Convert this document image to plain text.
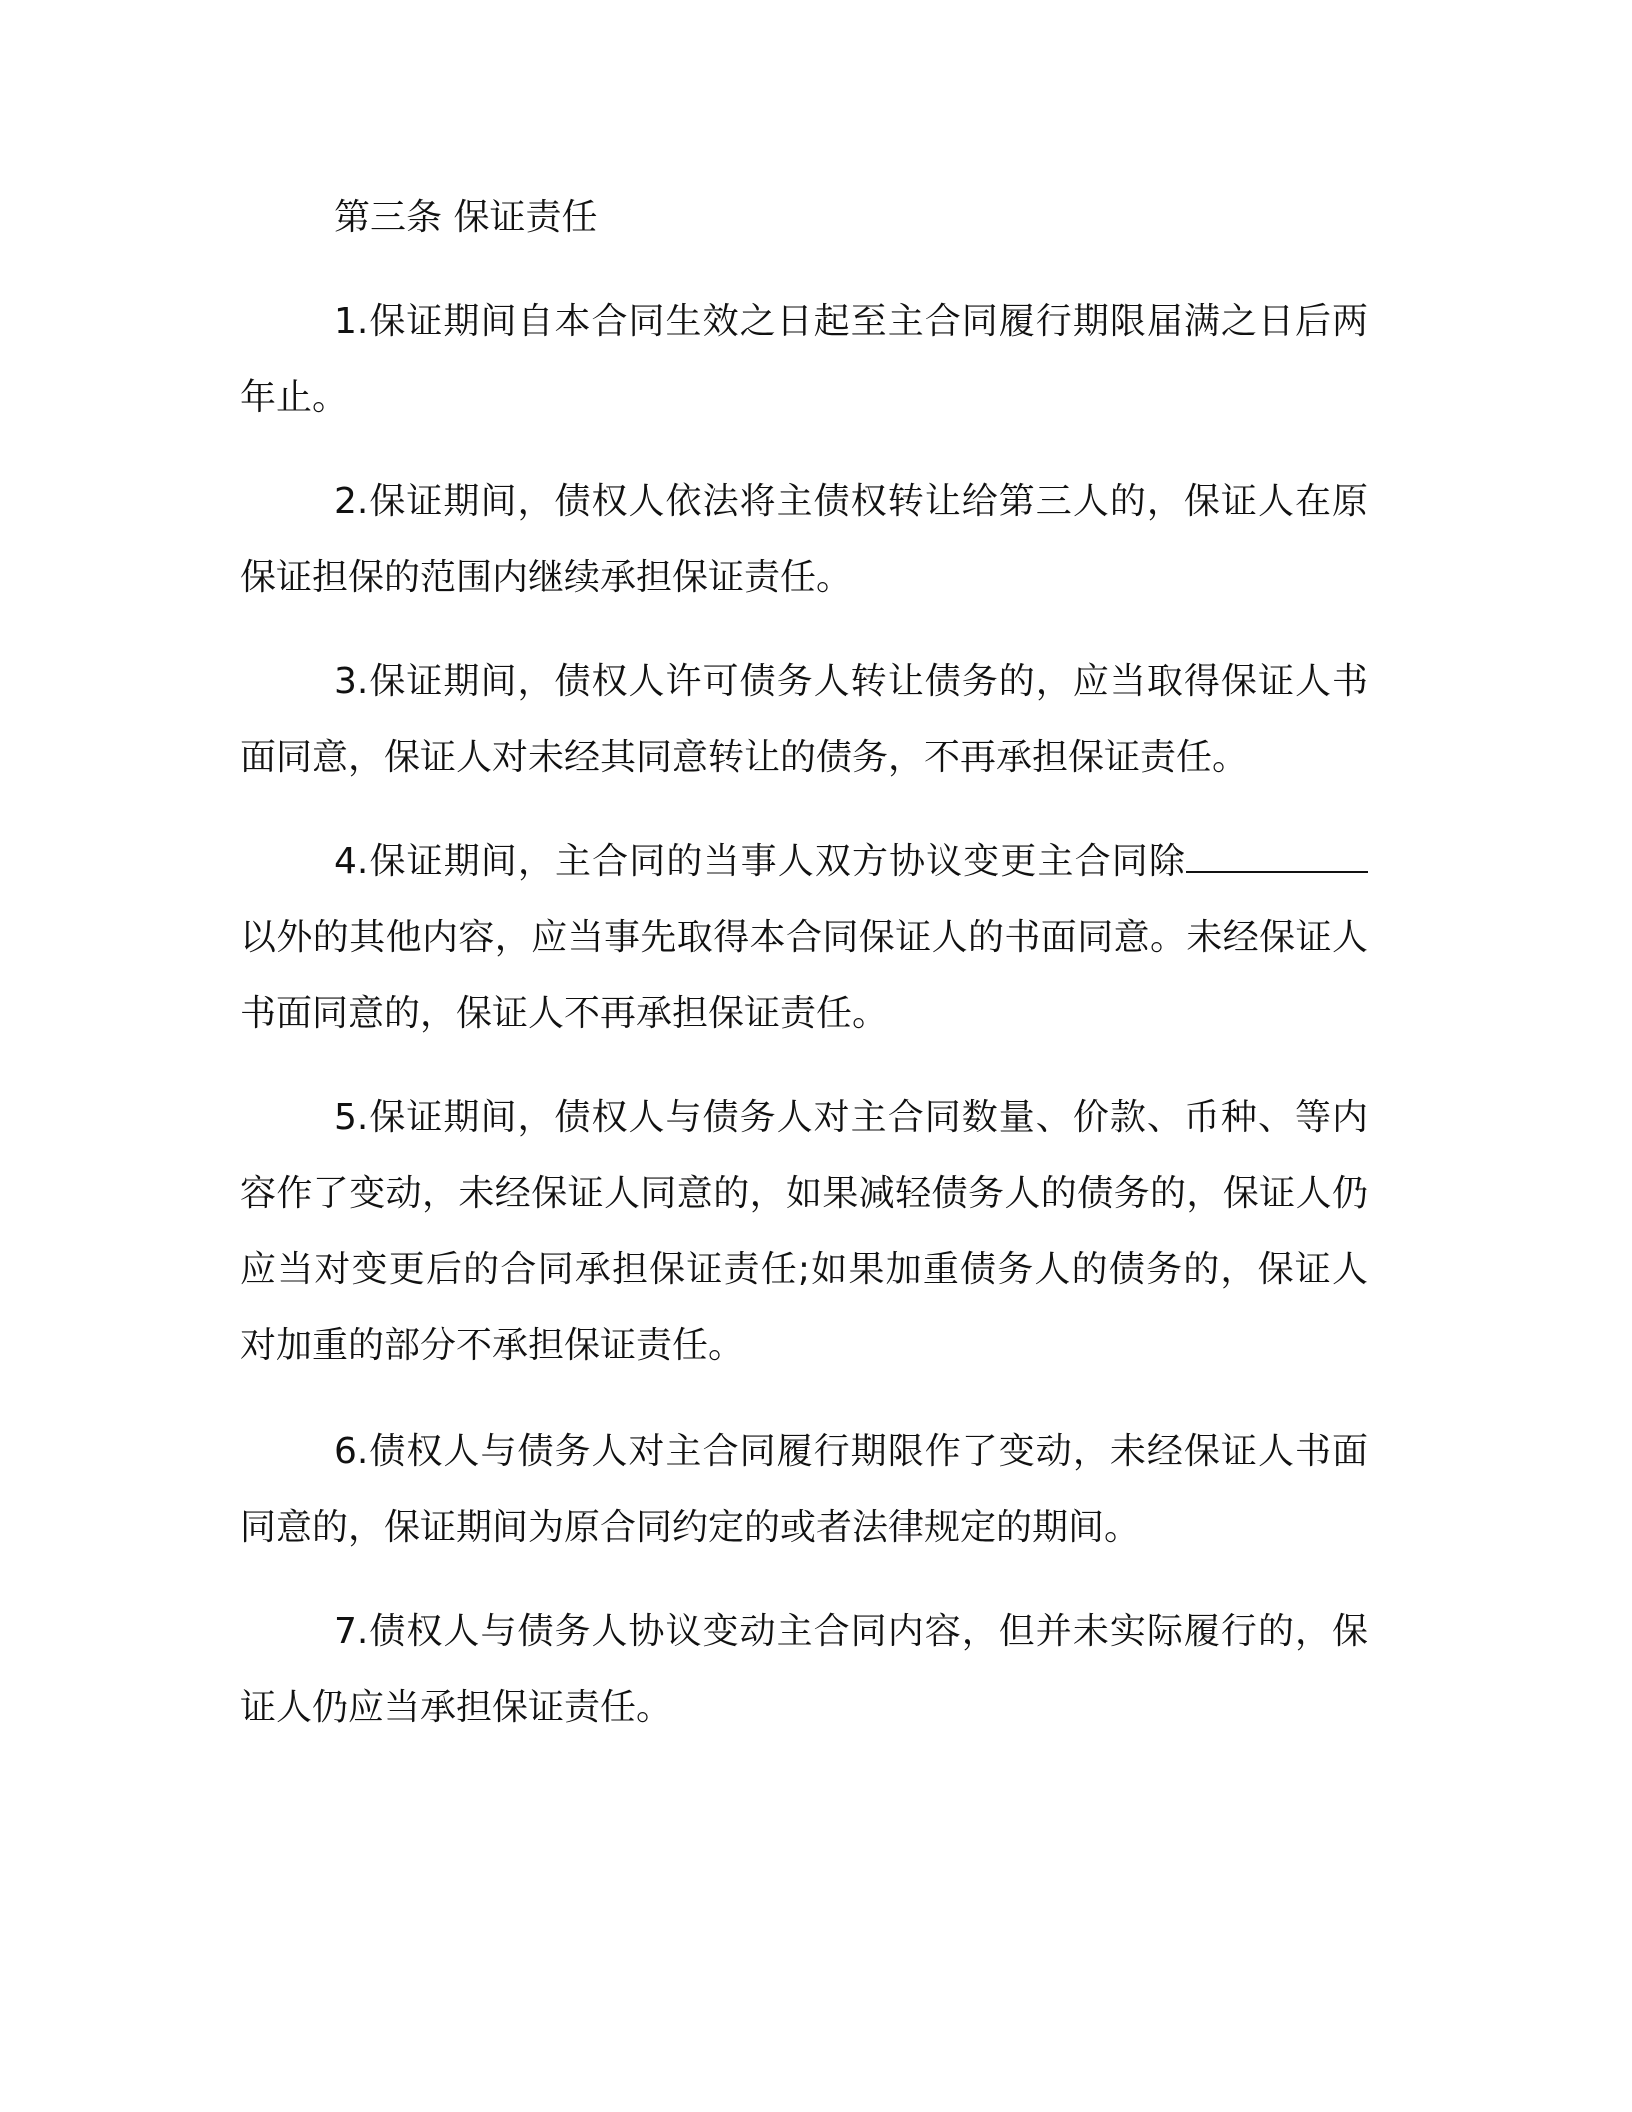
第三条 保证责任

1.保证期间自本合同生效之日起至主合同履行期限届满之日后两年止。

2.保证期间，债权人依法将主债权转让给第三人的，保证人在原保证担保的范围内继续承担保证责任。

3.保证期间，债权人许可债务人转让债务的，应当取得保证人书面同意，保证人对未经其同意转让的债务，不再承担保证责任。

4.保证期间，主合同的当事人双方协议变更主合同除以外的其他内容，应当事先取得本合同保证人的书面同意。未经保证人书面同意的，保证人不再承担保证责任。

5.保证期间，债权人与债务人对主合同数量、价款、币种、等内容作了变动，未经保证人同意的，如果减轻债务人的债务的，保证人仍应当对变更后的合同承担保证责任;如果加重债务人的债务的，保证人对加重的部分不承担保证责任。

6.债权人与债务人对主合同履行期限作了变动，未经保证人书面同意的，保证期间为原合同约定的或者法律规定的期间。

7.债权人与债务人协议变动主合同内容，但并未实际履行的，保证人仍应当承担保证责任。
